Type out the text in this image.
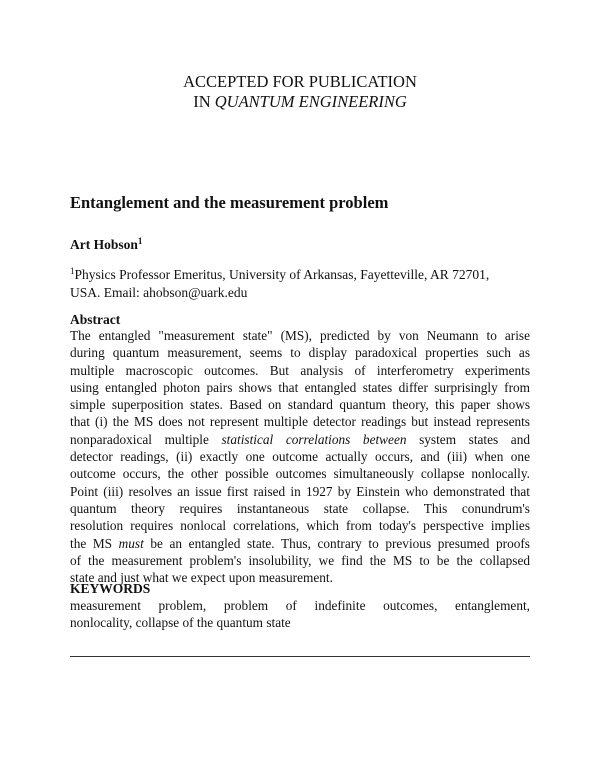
ACCEPTED FOR PUBLICATION
IN QUANTUM ENGINEERING
Entanglement and the measurement problem
Art Hobson$^1$
$^1$Physics Professor Emeritus, University of Arkansas, Fayetteville, AR 72701,
USA. Email: ahobson@uark.edu
Abstract
The entangled "measurement state" (MS), predicted by von Neumann to arise
during quantum measurement, seems to display paradoxical properties such as
multiple macroscopic outcomes. But analysis of interferometry experiments
using entangled photon pairs shows that entangled states differ surprisingly from
simple superposition states. Based on standard quantum theory, this paper shows
that (i) the MS does not represent multiple detector readings but instead represents
nonparadoxical multiple statistical correlations between system states and
detector readings, (ii) exactly one outcome actually occurs, and (iii) when one
outcome occurs, the other possible outcomes simultaneously collapse nonlocally.
Point (iii) resolves an issue first raised in 1927 by Einstein who demonstrated that
quantum theory requires instantaneous state collapse. This conundrum's
resolution requires nonlocal correlations, which from today's perspective implies
the MS must be an entangled state. Thus, contrary to previous presumed proofs
of the measurement problem's insolubility, we find the MS to be the collapsed
state and just what we expect upon measurement.
KEYWORDS
measurement problem, problem of indefinite outcomes, entanglement,
nonlocality, collapse of the quantum state
